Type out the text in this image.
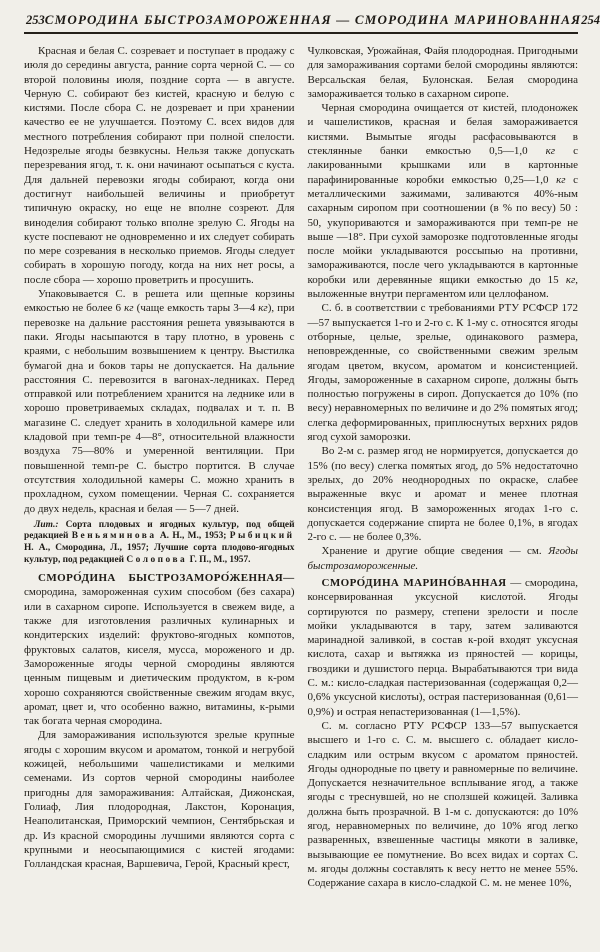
253 СМОРОДИНА БЫСТРОЗАМОРОЖЕННАЯ — СМОРОДИНА МАРИНОВАННАЯ 254

Красная и белая С. созревает и поступает в продажу с июля до середины августа, ранние сорта черной С. — со второй половины июля, поздние сорта — в августе. Черную С. собирают без кистей, красную и белую с кистями. После сбора С. не дозревает и при хранении качество ее не улучшается. Поэтому С. всех видов для местного потребления собирают при полной спелости. Недозрелые ягоды безвкусны. Нельзя также допускать перезревания ягод, т. к. они начинают осыпаться с куста. Для дальней перевозки ягоды собирают, когда они достигнут наибольшей величины и приобретут типичную окраску, но еще не вполне созреют. Для виноделия собирают только вполне зрелую С. Ягоды на кусте поспевают не одновременно и их следует собирать по мере созревания в несколько приемов. Ягоды следует собирать в хорошую погоду, когда на них нет росы, а после сбора — хорошо проветрить и просушить.

Упаковывается С. в решета или щепные корзины емкостью не более 6 кг (чаще емкость тары 3—4 кг), при перевозке на дальние расстояния решета увязываются в паки. Ягоды насыпаются в тару плотно, в уровень с краями, с небольшим возвышением к центру. Выстилка бумагой дна и боков тары не допускается. На дальние расстояния С. перевозится в вагонах-ледниках. Перед отправкой или потреблением хранится на леднике или в хорошо проветриваемых складах, подвалах и т. п. В магазине С. следует хранить в холодильной камере или кладовой при темп-ре 4—8°, относительной влажности воздуха 75—80% и умеренной вентиляции. При повышенной темп-ре С. быстро портится. В случае отсутствия холодильной камеры С. можно хранить в прохладном, сухом помещении. Черная С. сохраняется до двух недель, красная и белая — 5—7 дней.

Лит.: Сорта плодовых и ягодных культур, под общей редакцией Веньяминова А. Н., М., 1953; Рыбицкий Н. А., Смородина, Л., 1957; Лучшие сорта плодово-ягодных культур, под редакцией Солопова Г. П., М., 1957.

СМОРО́ДИНА БЫСТРОЗАМОРО́ЖЕННАЯ—смородина, замороженная сухим способом (без сахара) или в сахарном сиропе. Используется в свежем виде, а также для изготовления различных кулинарных и кондитерских изделий: фруктово-ягодных компотов, фруктовых салатов, киселя, мусса, мороженого и др. Замороженные ягоды черной смородины являются ценным пищевым и диетическим продуктом, в к-ром хорошо сохраняются свойственные свежим ягодам вкус, аромат, цвет и, что особенно важно, витамины, к-рыми так богата черная смородина.

Для замораживания используются зрелые крупные ягоды с хорошим вкусом и ароматом, тонкой и негрубой кожицей, небольшими чашелистиками и мелкими семенами. Из сортов черной смородины наиболее пригодны для замораживания: Алтайская, Дижонская, Голиаф, Лия плодородная, Лакстон, Коронация, Неаполитанская, Приморский чемпион, Сентябрьская и др. Из красной смородины лучшими являются сорта с крупными и неосыпающимися с кистей ягодами: Голландская красная, Варшевича, Герой, Красный крест,

Чулковская, Урожайная, Файя плодородная. Пригодными для замораживания сортами белой смородины являются: Версальская белая, Булонская. Белая смородина замораживается только в сахарном сиропе.

Черная смородина очищается от кистей, плодоножек и чашелистиков, красная и белая замораживается кистями. Вымытые ягоды расфасовываются в стеклянные банки емкостью 0,5—1,0 кг с лакированными крышками или в картонные парафинированные коробки емкостью 0,25—1,0 кг с металлическими зажимами, заливаются 40%-ным сахарным сиропом при соотношении (в % по весу) 50 : 50, укупориваются и замораживаются при темп-ре не выше —18°. При сухой заморозке подготовленные ягоды после мойки укладываются россыпью на противни, замораживаются, после чего укладываются в картонные коробки или деревянные ящики емкостью до 15 кг, выложенные внутри пергаментом или целлофаном.

С. б. в соответствии с требованиями РТУ РСФСР 172—57 выпускается 1-го и 2-го с. К 1-му с. относятся ягоды отборные, целые, зрелые, одинакового размера, неповрежденные, со свойственными свежим зрелым ягодам цветом, вкусом, ароматом и консистенцией. Ягоды, замороженные в сахарном сиропе, должны быть полностью погружены в сироп. Допускается до 10% (по весу) неравномерных по величине и до 2% помятых ягод; слегка деформированных, приплюснутых верхних рядов ягод сухой заморозки.

Во 2-м с. размер ягод не нормируется, допускается до 15% (по весу) слегка помятых ягод, до 5% недостаточно зрелых, до 20% неоднородных по окраске, слабее выраженные вкус и аромат и менее плотная консистенция ягод. В замороженных ягодах 1-го с. допускается содержание спирта не более 0,1%, в ягодах 2-го с. — не более 0,3%.

Хранение и другие общие сведения — см. Ягоды быстрозамороженные.

СМОРО́ДИНА МАРИНО́ВАННАЯ — смородина, консервированная уксусной кислотой. Ягоды сортируются по размеру, степени зрелости и после мойки укладываются в тару, затем заливаются маринадной заливкой, в состав к-рой входят уксусная кислота, сахар и вытяжка из пряностей — корицы, гвоздики и душистого перца. Вырабатываются три вида С. м.: кисло-сладкая пастеризованная (содержащая 0,2—0,6% уксусной кислоты), острая пастеризованная (0,61—0,9%) и острая непастеризованная (1—1,5%).

С. м. согласно РТУ РСФСР 133—57 выпускается высшего и 1-го с. С. м. высшего с. обладает кисло-сладким или острым вкусом с ароматом пряностей. Ягоды однородные по цвету и равномерные по величине. Допускается незначительное всплывание ягод, а также ягоды с треснувшей, но не сползшей кожицей. Заливка должна быть прозрачной. В 1-м с. допускаются: до 10% ягод, неравномерных по величине, до 10% ягод легко разваренных, взвешенные частицы мякоти в заливке, вызывающие ее помутнение. Во всех видах и сортах С. м. ягоды должны составлять к весу нетто не менее 55%. Содержание сахара в кисло-сладкой С. м. не менее 10%,
